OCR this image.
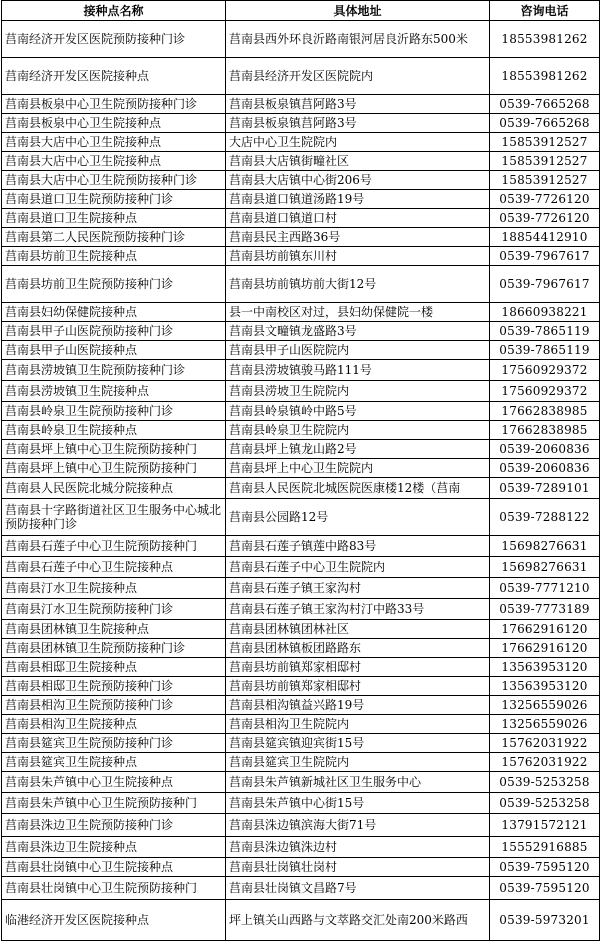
接种点名称	具体地址	咨询电话
莒南经济开发区医院预防接种门诊	莒南县西外环良沂路南银河居良沂路东500米	18553981262
莒南经济开发区医院接种点	莒南县经济开发区医院院内	18553981262
莒南县板泉中心卫生院预防接种门诊	莒南县板泉镇莒阿路3号	0539-7665268
莒南县板泉中心卫生院接种点	莒南县板泉镇莒阿路3号	0539-7665268
莒南县大店中心卫生院接种点	大店中心卫生院院内	15853912527
莒南县大店中心卫生院接种点	莒南县大店镇街疃社区	15853912527
莒南县大店中心卫生院预防接种门诊	莒南县大店镇中心街206号	15853912527
莒南县道口卫生院预防接种门诊	莒南县道口镇道汤路19号	0539-7726120
莒南县道口卫生院接种点	莒南县道口镇道口村	0539-7726120
莒南县第二人民医院预防接种门诊	莒南县民主西路36号	18854412910
莒南县坊前卫生院接种点	莒南县坊前镇东川村	0539-7967617
莒南县坊前卫生院预防接种门诊	莒南县坊前镇坊前大街12号	0539-7967617
莒南县妇幼保健院接种点	县一中南校区对过，县妇幼保健院一楼	18660938221
莒南县甲子山医院预防接种门诊	莒南县文疃镇龙盛路3号	0539-7865119
莒南县甲子山医院接种点	莒南县甲子山医院院内	0539-7865119
莒南县涝坡镇卫生院预防接种门诊	莒南县涝坡镇骏马路111号	17560929372
莒南县涝坡镇卫生院接种点	莒南县涝坡卫生院院内	17560929372
莒南县岭泉卫生院预防接种门诊	莒南县岭泉镇岭中路5号	17662838985
莒南县岭泉卫生院接种点	莒南县岭泉卫生院院内	17662838985
莒南县坪上镇中心卫生院预防接种门	莒南县坪上镇龙山路2号	0539-2060836
莒南县坪上镇中心卫生院预防接种门	莒南县坪上中心卫生院院内	0539-2060836
莒南县人民医院北城分院接种点	莒南县人民医院北城医院医康楼12楼（莒南	0539-7289101
莒南县十字路街道社区卫生服务中心城北预防接种门诊	莒南县公园路12号	0539-7288122
莒南县石莲子中心卫生院预防接种门	莒南县石莲子镇莲中路83号	15698276631
莒南县石莲子中心卫生院接种点	莒南县石莲子中心卫生院院内	15698276631
莒南县汀水卫生院接种点	莒南县石莲子镇王家沟村	0539-7771210
莒南县汀水卫生院预防接种门诊	莒南县石莲子镇王家沟村汀中路33号	0539-7773189
莒南县团林镇卫生院接种点	莒南县团林镇团林社区	17662916120
莒南县团林镇卫生院预防接种门诊	莒南县团林镇板团路路东	17662916120
莒南县相邸卫生院接种点	莒南县坊前镇郑家相邸村	13563953120
莒南县相邸卫生院预防接种门诊	莒南县坊前镇郑家相邸村	13563953120
莒南县相沟卫生院预防接种门诊	莒南县相沟镇益兴路19号	13256559026
莒南县相沟卫生院接种点	莒南县相沟卫生院院内	13256559026
莒南县筵宾卫生院预防接种门诊	莒南县筵宾镇迎宾街15号	15762031922
莒南县筵宾卫生院接种点	莒南县筵宾卫生院院内	15762031922
莒南县朱芦镇中心卫生院接种点	莒南县朱芦镇新城社区卫生服务中心	0539-5253258
莒南县朱芦镇中心卫生院预防接种门	莒南县朱芦镇中心街15号	0539-5253258
莒南县洙边卫生院预防接种门诊	莒南县洙边镇滨海大街71号	13791572121
莒南县洙边卫生院接种点	莒南县洙边镇洙边村	15552916885
莒南县壮岗镇中心卫生院接种点	莒南县壮岗镇壮岗村	0539-7595120
莒南县壮岗镇中心卫生院预防接种门	莒南县壮岗镇文昌路7号	0539-7595120
临港经济开发区医院接种点	坪上镇关山西路与文萃路交汇处南200米路西	0539-5973201
